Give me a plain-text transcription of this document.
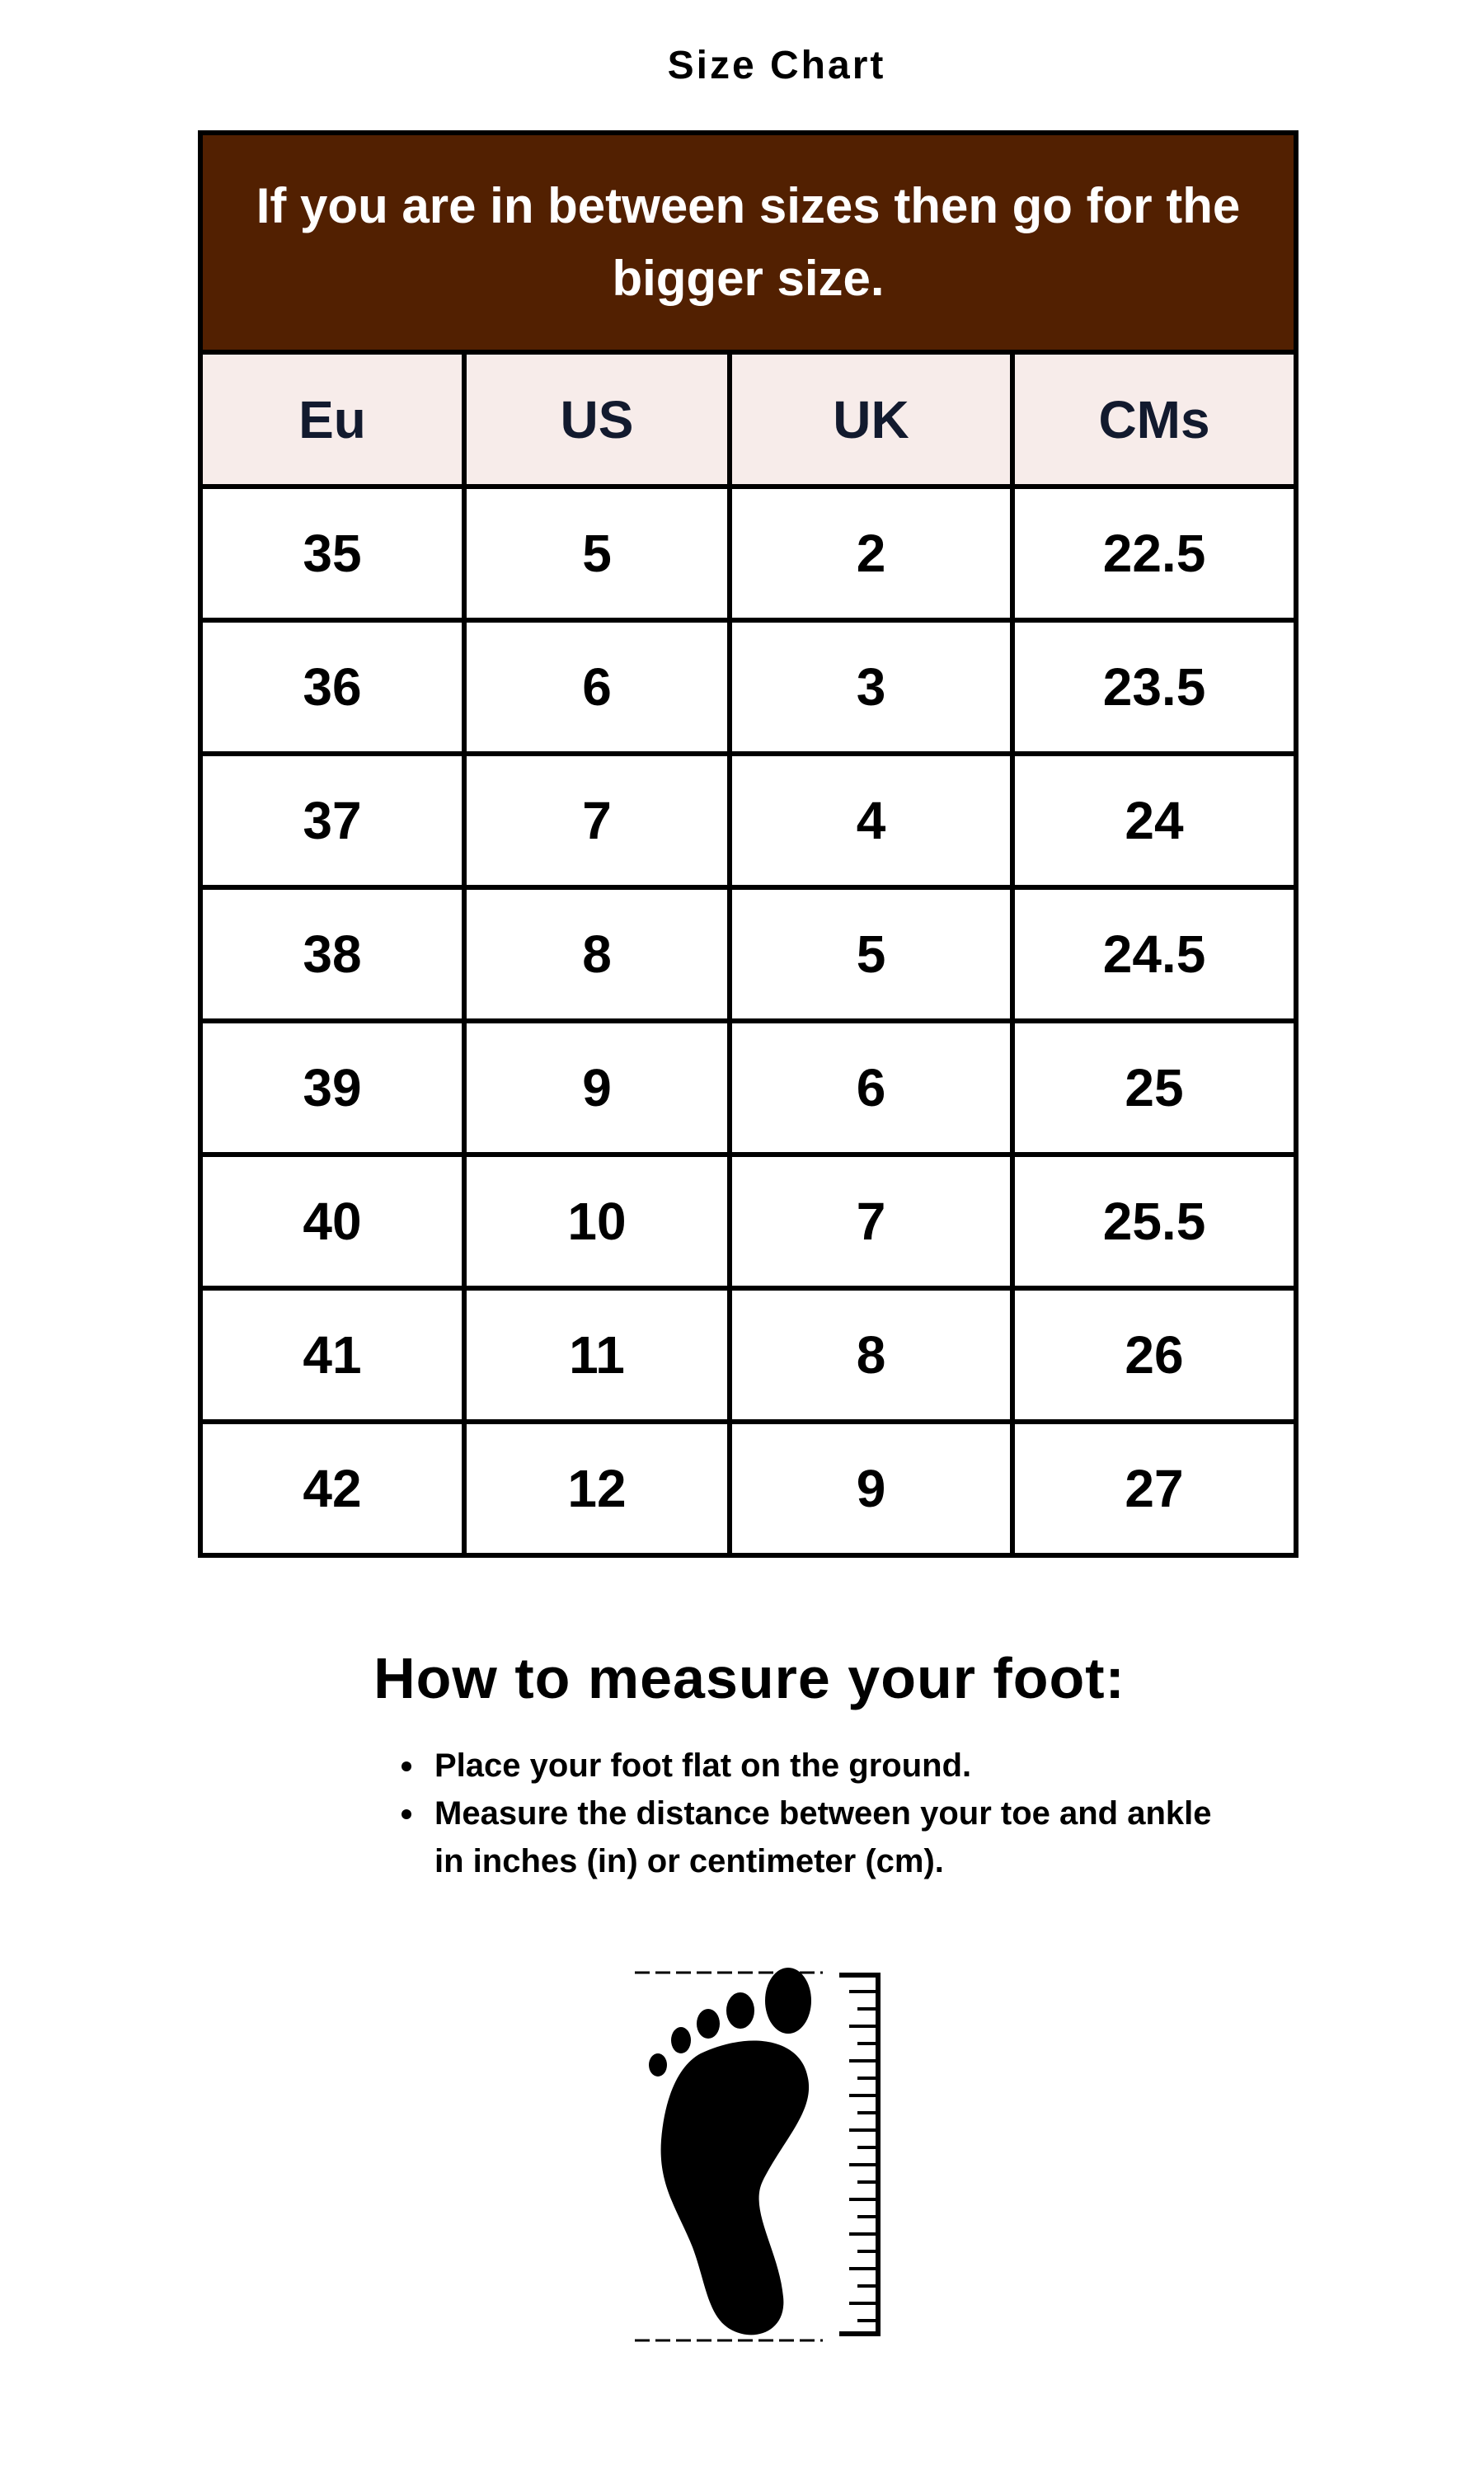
Size Chart
If you are in between sizes then go for the bigger size.			
Eu	US	UK	CMs
35	5	2	22.5
36	6	3	23.5
37	7	4	24
38	8	5	24.5
39	9	6	25
40	10	7	25.5
41	11	8	26
42	12	9	27
How to measure your foot:
Place your foot flat on the ground.
Measure the distance between your toe and ankle in inches (in) or centimeter (cm).
